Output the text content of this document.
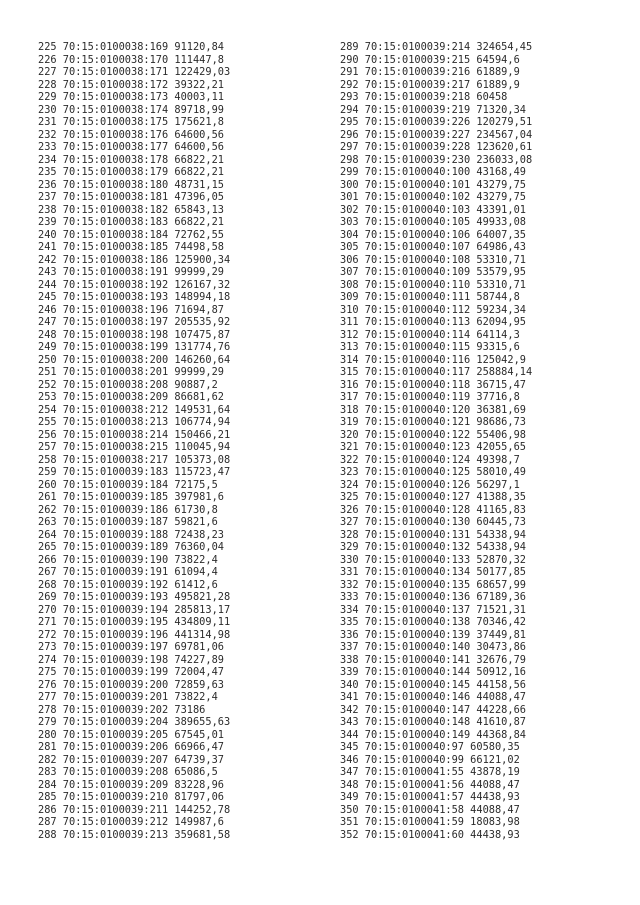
225 70:15:0100038:169 91120,84
226 70:15:0100038:170 111447,8
227 70:15:0100038:171 122429,03
228 70:15:0100038:172 39322,21
229 70:15:0100038:173 40003,11
230 70:15:0100038:174 89718,99
231 70:15:0100038:175 175621,8
232 70:15:0100038:176 64600,56
233 70:15:0100038:177 64600,56
234 70:15:0100038:178 66822,21
235 70:15:0100038:179 66822,21
236 70:15:0100038:180 48731,15
237 70:15:0100038:181 47396,05
238 70:15:0100038:182 65843,13
239 70:15:0100038:183 66822,21
240 70:15:0100038:184 72762,55
241 70:15:0100038:185 74498,58
242 70:15:0100038:186 125900,34
243 70:15:0100038:191 99999,29
244 70:15:0100038:192 126167,32
245 70:15:0100038:193 148994,18
246 70:15:0100038:196 71694,87
247 70:15:0100038:197 205535,92
248 70:15:0100038:198 107475,87
249 70:15:0100038:199 131774,76
250 70:15:0100038:200 146260,64
251 70:15:0100038:201 99999,29
252 70:15:0100038:208 90887,2
253 70:15:0100038:209 86681,62
254 70:15:0100038:212 149531,64
255 70:15:0100038:213 106774,94
256 70:15:0100038:214 150466,21
257 70:15:0100038:215 110045,94
258 70:15:0100038:217 105373,08
259 70:15:0100039:183 115723,47
260 70:15:0100039:184 72175,5
261 70:15:0100039:185 397981,6
262 70:15:0100039:186 61730,8
263 70:15:0100039:187 59821,6
264 70:15:0100039:188 72438,23
265 70:15:0100039:189 76360,04
266 70:15:0100039:190 73822,4
267 70:15:0100039:191 61094,4
268 70:15:0100039:192 61412,6
269 70:15:0100039:193 495821,28
270 70:15:0100039:194 285813,17
271 70:15:0100039:195 434809,11
272 70:15:0100039:196 441314,98
273 70:15:0100039:197 69781,06
274 70:15:0100039:198 74227,89
275 70:15:0100039:199 72004,47
276 70:15:0100039:200 72859,63
277 70:15:0100039:201 73822,4
278 70:15:0100039:202 73186
279 70:15:0100039:204 389655,63
280 70:15:0100039:205 67545,01
281 70:15:0100039:206 66966,47
282 70:15:0100039:207 64739,37
283 70:15:0100039:208 65086,5
284 70:15:0100039:209 83228,96
285 70:15:0100039:210 81797,06
286 70:15:0100039:211 144252,78
287 70:15:0100039:212 149987,6
288 70:15:0100039:213 359681,58
289 70:15:0100039:214 324654,45
290 70:15:0100039:215 64594,6
291 70:15:0100039:216 61889,9
292 70:15:0100039:217 61889,9
293 70:15:0100039:218 60458
294 70:15:0100039:219 71320,34
295 70:15:0100039:226 120279,51
296 70:15:0100039:227 234567,04
297 70:15:0100039:228 123620,61
298 70:15:0100039:230 236033,08
299 70:15:0100040:100 43168,49
300 70:15:0100040:101 43279,75
301 70:15:0100040:102 43279,75
302 70:15:0100040:103 43391,01
303 70:15:0100040:105 49933,08
304 70:15:0100040:106 64007,35
305 70:15:0100040:107 64986,43
306 70:15:0100040:108 53310,71
307 70:15:0100040:109 53579,95
308 70:15:0100040:110 53310,71
309 70:15:0100040:111 58744,8
310 70:15:0100040:112 59234,34
311 70:15:0100040:113 62094,95
312 70:15:0100040:114 64114,3
313 70:15:0100040:115 93315,6
314 70:15:0100040:116 125042,9
315 70:15:0100040:117 258884,14
316 70:15:0100040:118 36715,47
317 70:15:0100040:119 37716,8
318 70:15:0100040:120 36381,69
319 70:15:0100040:121 98686,73
320 70:15:0100040:122 55406,98
321 70:15:0100040:123 42055,65
322 70:15:0100040:124 49398,7
323 70:15:0100040:125 58010,49
324 70:15:0100040:126 56297,1
325 70:15:0100040:127 41388,35
326 70:15:0100040:128 41165,83
327 70:15:0100040:130 60445,73
328 70:15:0100040:131 54338,94
329 70:15:0100040:132 54338,94
330 70:15:0100040:133 52870,32
331 70:15:0100040:134 50177,85
332 70:15:0100040:135 68657,99
333 70:15:0100040:136 67189,36
334 70:15:0100040:137 71521,31
335 70:15:0100040:138 70346,42
336 70:15:0100040:139 37449,81
337 70:15:0100040:140 30473,86
338 70:15:0100040:141 32676,79
339 70:15:0100040:144 50912,16
340 70:15:0100040:145 44158,56
341 70:15:0100040:146 44088,47
342 70:15:0100040:147 44228,66
343 70:15:0100040:148 41610,87
344 70:15:0100040:149 44368,84
345 70:15:0100040:97 60580,35
346 70:15:0100040:99 66121,02
347 70:15:0100041:55 43878,19
348 70:15:0100041:56 44088,47
349 70:15:0100041:57 44438,93
350 70:15:0100041:58 44088,47
351 70:15:0100041:59 18083,98
352 70:15:0100041:60 44438,93
